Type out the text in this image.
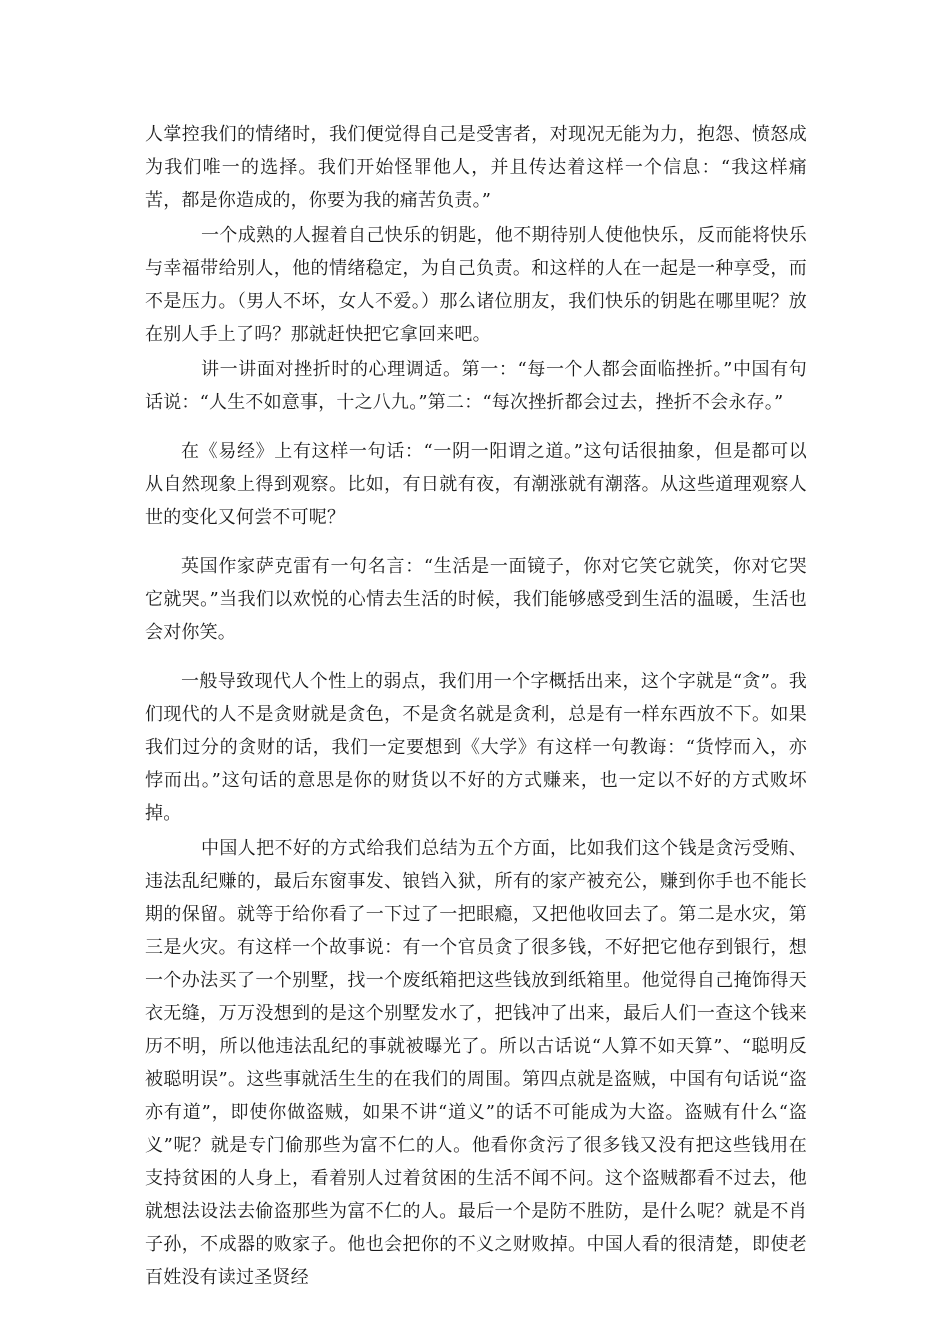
人掌控我们的情绪时，我们便觉得自己是受害者，对现况无能为力，抱怨、愤怒成为我们唯一的选择。我们开始怪罪他人，并且传达着这样一个信息：“我这样痛苦，都是你造成的，你要为我的痛苦负责。”

一个成熟的人握着自己快乐的钥匙，他不期待别人使他快乐，反而能将快乐与幸福带给别人，他的情绪稳定，为自己负责。和这样的人在一起是一种享受，而不是压力。（男人不坏，女人不爱。）那么诸位朋友，我们快乐的钥匙在哪里呢？放在别人手上了吗？那就赶快把它拿回来吧。

讲一讲面对挫折时的心理调适。第一：“每一个人都会面临挫折。”中国有句话说：“人生不如意事，十之八九。”第二：“每次挫折都会过去，挫折不会永存。”

在《易经》上有这样一句话：“一阴一阳谓之道。”这句话很抽象，但是都可以从自然现象上得到观察。比如，有日就有夜，有潮涨就有潮落。从这些道理观察人世的变化又何尝不可呢？

英国作家萨克雷有一句名言：“生活是一面镜子，你对它笑它就笑，你对它哭它就哭。”当我们以欢悦的心情去生活的时候，我们能够感受到生活的温暖，生活也会对你笑。

一般导致现代人个性上的弱点，我们用一个字概括出来，这个字就是“贪”。我们现代的人不是贪财就是贪色，不是贪名就是贪利，总是有一样东西放不下。如果我们过分的贪财的话，我们一定要想到《大学》有这样一句教诲：“货悖而入，亦悖而出。”这句话的意思是你的财货以不好的方式赚来，也一定以不好的方式败坏掉。

中国人把不好的方式给我们总结为五个方面，比如我们这个钱是贪污受贿、违法乱纪赚的，最后东窗事发、锒铛入狱，所有的家产被充公，赚到你手也不能长期的保留。就等于给你看了一下过了一把眼瘾，又把他收回去了。第二是水灾，第三是火灾。有这样一个故事说：有一个官员贪了很多钱，不好把它他存到银行，想一个办法买了一个别墅，找一个废纸箱把这些钱放到纸箱里。他觉得自己掩饰得天衣无缝，万万没想到的是这个别墅发水了，把钱冲了出来，最后人们一查这个钱来历不明，所以他违法乱纪的事就被曝光了。所以古话说“人算不如天算”、“聪明反被聪明误”。这些事就活生生的在我们的周围。第四点就是盗贼，中国有句话说“盗亦有道”，即使你做盗贼，如果不讲“道义”的话不可能成为大盗。盗贼有什么“盗义”呢？就是专门偷那些为富不仁的人。他看你贪污了很多钱又没有把这些钱用在支持贫困的人身上，看着别人过着贫困的生活不闻不问。这个盗贼都看不过去，他就想法设法去偷盗那些为富不仁的人。最后一个是防不胜防，是什么呢？就是不肖子孙，不成器的败家子。他也会把你的不义之财败掉。中国人看的很清楚，即使老百姓没有读过圣贤经
